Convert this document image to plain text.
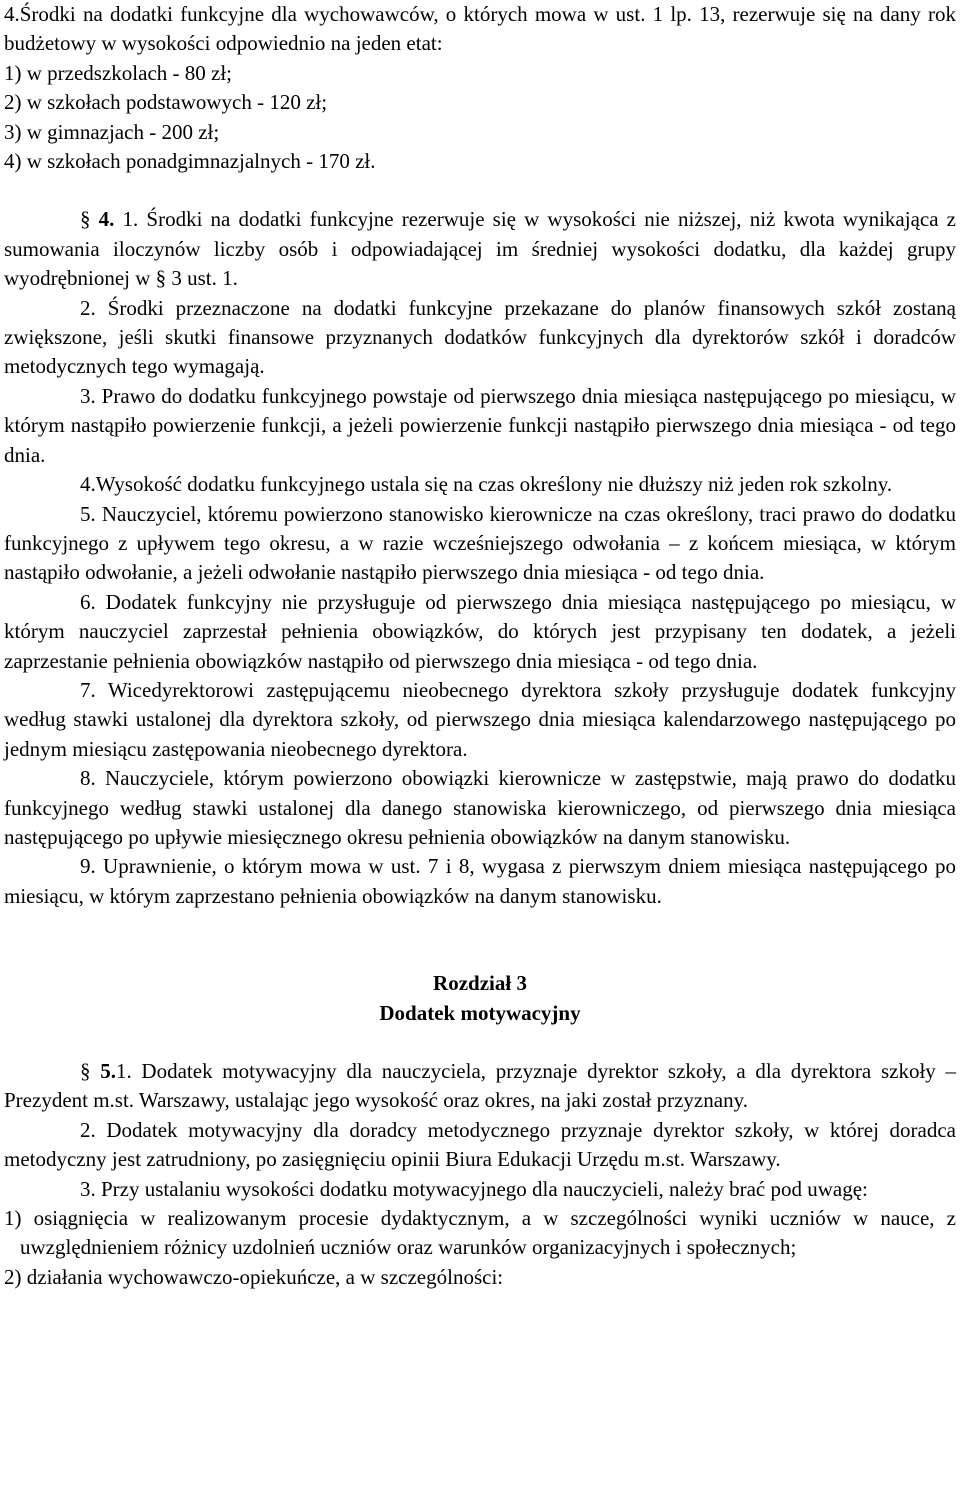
4.Środki na dodatki funkcyjne dla wychowawców, o których mowa w ust. 1 lp. 13, rezerwuje się na dany rok budżetowy w wysokości odpowiednio na jeden etat:

1) w przedszkolach - 80 zł;

2) w szkołach podstawowych - 120 zł;

3) w gimnazjach - 200 zł;

4) w szkołach ponadgimnazjalnych - 170 zł.

§ 4. 1. Środki na dodatki funkcyjne rezerwuje się w wysokości nie niższej, niż kwota wynikająca z sumowania iloczynów liczby osób i odpowiadającej im średniej wysokości dodatku, dla każdej grupy wyodrębnionej w § 3 ust. 1.

2. Środki przeznaczone na dodatki funkcyjne przekazane do planów finansowych szkół zostaną zwiększone, jeśli skutki finansowe przyznanych dodatków funkcyjnych dla dyrektorów szkół i doradców metodycznych tego wymagają.

3. Prawo do dodatku funkcyjnego powstaje od pierwszego dnia miesiąca następującego po miesiącu, w którym nastąpiło powierzenie funkcji, a jeżeli powierzenie funkcji nastąpiło pierwszego dnia miesiąca - od tego dnia.

4.Wysokość dodatku funkcyjnego ustala się na czas określony nie dłuższy niż jeden rok szkolny.

5. Nauczyciel, któremu powierzono stanowisko kierownicze na czas określony, traci prawo do dodatku funkcyjnego z upływem tego okresu, a w razie wcześniejszego odwołania – z końcem miesiąca, w którym nastąpiło odwołanie, a jeżeli odwołanie nastąpiło pierwszego dnia miesiąca - od tego dnia.

6. Dodatek funkcyjny nie przysługuje od pierwszego dnia miesiąca następującego po miesiącu, w którym nauczyciel zaprzestał pełnienia obowiązków, do których jest przypisany ten dodatek, a jeżeli zaprzestanie pełnienia obowiązków nastąpiło od pierwszego dnia miesiąca - od tego dnia.

7. Wicedyrektorowi zastępującemu nieobecnego dyrektora szkoły przysługuje dodatek funkcyjny według stawki ustalonej dla dyrektora szkoły, od pierwszego dnia miesiąca kalendarzowego następującego po jednym miesiącu zastępowania nieobecnego dyrektora.

8. Nauczyciele, którym powierzono obowiązki kierownicze w zastępstwie, mają prawo do dodatku funkcyjnego według stawki ustalonej dla danego stanowiska kierowniczego, od pierwszego dnia miesiąca następującego po upływie miesięcznego okresu pełnienia obowiązków na danym stanowisku.

9. Uprawnienie, o którym mowa w ust. 7 i 8, wygasa z pierwszym dniem miesiąca następującego po miesiącu, w którym zaprzestano pełnienia obowiązków na danym stanowisku.

Rozdział 3
Dodatek motywacyjny

§ 5.1. Dodatek motywacyjny dla nauczyciela, przyznaje dyrektor szkoły, a dla dyrektora szkoły – Prezydent m.st. Warszawy, ustalając jego wysokość oraz okres, na jaki został przyznany.

2. Dodatek motywacyjny dla doradcy metodycznego przyznaje dyrektor szkoły, w której doradca metodyczny jest zatrudniony, po zasięgnięciu opinii Biura Edukacji Urzędu m.st. Warszawy.

3. Przy ustalaniu wysokości dodatku motywacyjnego dla nauczycieli, należy brać pod uwagę:

1) osiągnięcia w realizowanym procesie dydaktycznym, a w szczególności wyniki uczniów w nauce, z uwzględnieniem różnicy uzdolnień uczniów oraz warunków organizacyjnych i społecznych;

2) działania wychowawczo-opiekuńcze, a w szczególności:
